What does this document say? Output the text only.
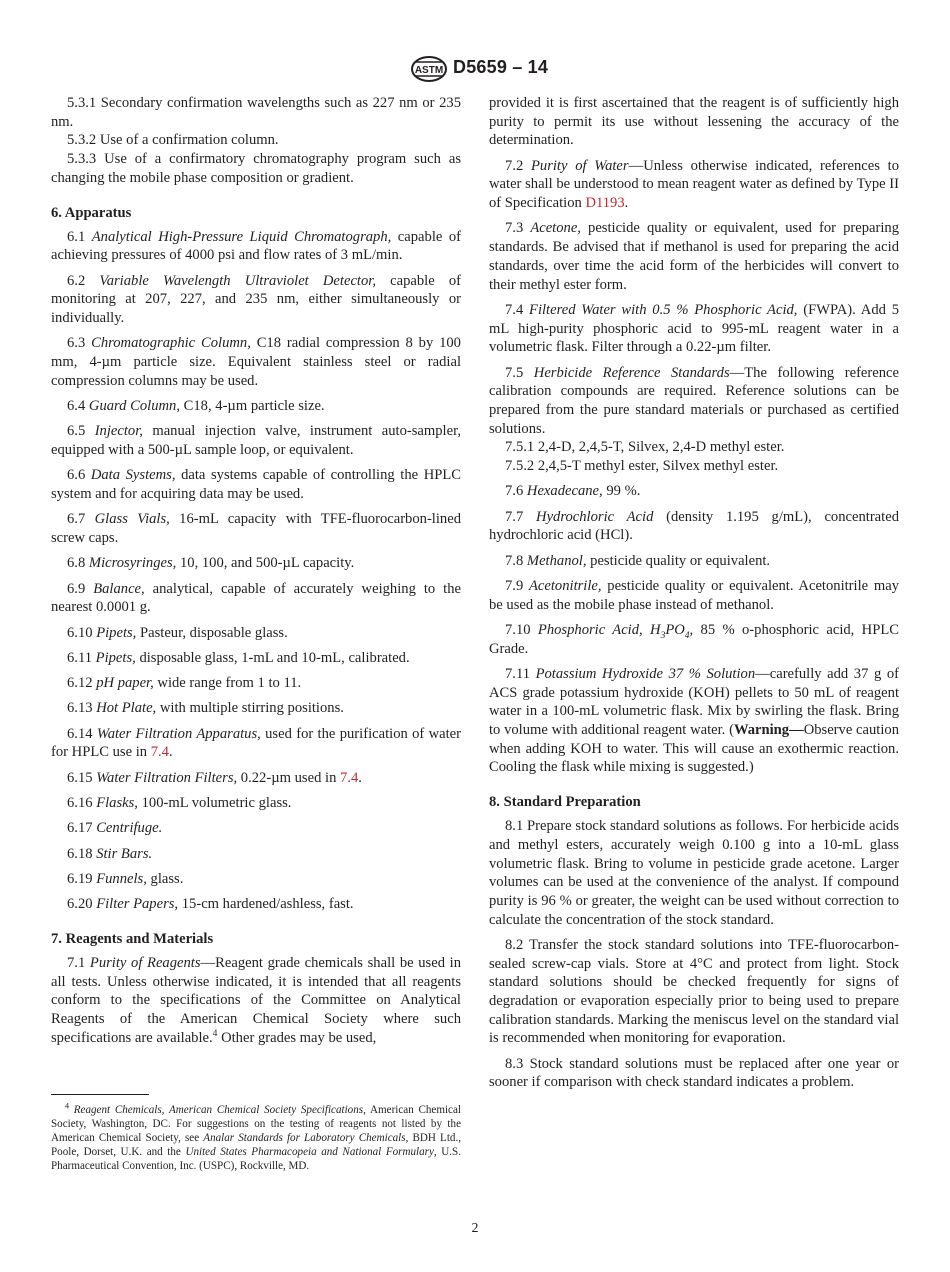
ASTM D5659 – 14

5.3.1 Secondary confirmation wavelengths such as 227 nm or 235 nm.

5.3.2 Use of a confirmation column.

5.3.3 Use of a confirmatory chromatography program such as changing the mobile phase composition or gradient.

6. Apparatus

6.1 Analytical High-Pressure Liquid Chromatograph, capable of achieving pressures of 4000 psi and flow rates of 3 mL/min.

6.2 Variable Wavelength Ultraviolet Detector, capable of monitoring at 207, 227, and 235 nm, either simultaneously or individually.

6.3 Chromatographic Column, C18 radial compression 8 by 100 mm, 4-µm particle size. Equivalent stainless steel or radial compression columns may be used.

6.4 Guard Column, C18, 4-µm particle size.

6.5 Injector, manual injection valve, instrument auto-sampler, equipped with a 500-µL sample loop, or equivalent.

6.6 Data Systems, data systems capable of controlling the HPLC system and for acquiring data may be used.

6.7 Glass Vials, 16-mL capacity with TFE-fluorocarbon-lined screw caps.

6.8 Microsyringes, 10, 100, and 500-µL capacity.

6.9 Balance, analytical, capable of accurately weighing to the nearest 0.0001 g.

6.10 Pipets, Pasteur, disposable glass.

6.11 Pipets, disposable glass, 1-mL and 10-mL, calibrated.

6.12 pH paper, wide range from 1 to 11.

6.13 Hot Plate, with multiple stirring positions.

6.14 Water Filtration Apparatus, used for the purification of water for HPLC use in 7.4.

6.15 Water Filtration Filters, 0.22-µm used in 7.4.

6.16 Flasks, 100-mL volumetric glass.

6.17 Centrifuge.

6.18 Stir Bars.

6.19 Funnels, glass.

6.20 Filter Papers, 15-cm hardened/ashless, fast.

7. Reagents and Materials

7.1 Purity of Reagents—Reagent grade chemicals shall be used in all tests. Unless otherwise indicated, it is intended that all reagents conform to the specifications of the Committee on Analytical Reagents of the American Chemical Society where such specifications are available.$^4$ Other grades may be used,

$^4$ Reagent Chemicals, American Chemical Society Specifications, American Chemical Society, Washington, DC. For suggestions on the testing of reagents not listed by the American Chemical Society, see Analar Standards for Laboratory Chemicals, BDH Ltd., Poole, Dorset, U.K. and the United States Pharmacopeia and National Formulary, U.S. Pharmaceutical Convention, Inc. (USPC), Rockville, MD.

provided it is first ascertained that the reagent is of sufficiently high purity to permit its use without lessening the accuracy of the determination.

7.2 Purity of Water—Unless otherwise indicated, references to water shall be understood to mean reagent water as defined by Type II of Specification D1193.

7.3 Acetone, pesticide quality or equivalent, used for preparing standards. Be advised that if methanol is used for preparing the acid standards, over time the acid form of the herbicides will convert to their methyl ester form.

7.4 Filtered Water with 0.5 % Phosphoric Acid, (FWPA). Add 5 mL high-purity phosphoric acid to 995-mL reagent water in a volumetric flask. Filter through a 0.22-µm filter.

7.5 Herbicide Reference Standards—The following reference calibration compounds are required. Reference solutions can be prepared from the pure standard materials or purchased as certified solutions.

7.5.1 2,4-D, 2,4,5-T, Silvex, 2,4-D methyl ester.

7.5.2 2,4,5-T methyl ester, Silvex methyl ester.

7.6 Hexadecane, 99 %.

7.7 Hydrochloric Acid (density 1.195 g/mL), concentrated hydrochloric acid (HCl).

7.8 Methanol, pesticide quality or equivalent.

7.9 Acetonitrile, pesticide quality or equivalent. Acetonitrile may be used as the mobile phase instead of methanol.

7.10 Phosphoric Acid, $H_3PO_4$, 85 % o-phosphoric acid, HPLC Grade.

7.11 Potassium Hydroxide 37 % Solution—carefully add 37 g of ACS grade potassium hydroxide (KOH) pellets to 50 mL of reagent water in a 100-mL volumetric flask. Mix by swirling the flask. Bring to volume with additional reagent water. (Warning—Observe caution when adding KOH to water. This will cause an exothermic reaction. Cooling the flask while mixing is suggested.)

8. Standard Preparation

8.1 Prepare stock standard solutions as follows. For herbicide acids and methyl esters, accurately weigh 0.100 g into a 10-mL glass volumetric flask. Bring to volume in pesticide grade acetone. Larger volumes can be used at the convenience of the analyst. If compound purity is 96 % or greater, the weight can be used without correction to calculate the concentration of the stock standard.

8.2 Transfer the stock standard solutions into TFE-fluorocarbon-sealed screw-cap vials. Store at 4°C and protect from light. Stock standard solutions should be checked frequently for signs of degradation or evaporation especially prior to being used to prepare calibration standards. Marking the meniscus level on the standard vial is recommended when monitoring for evaporation.

8.3 Stock standard solutions must be replaced after one year or sooner if comparison with check standard indicates a problem.

2
